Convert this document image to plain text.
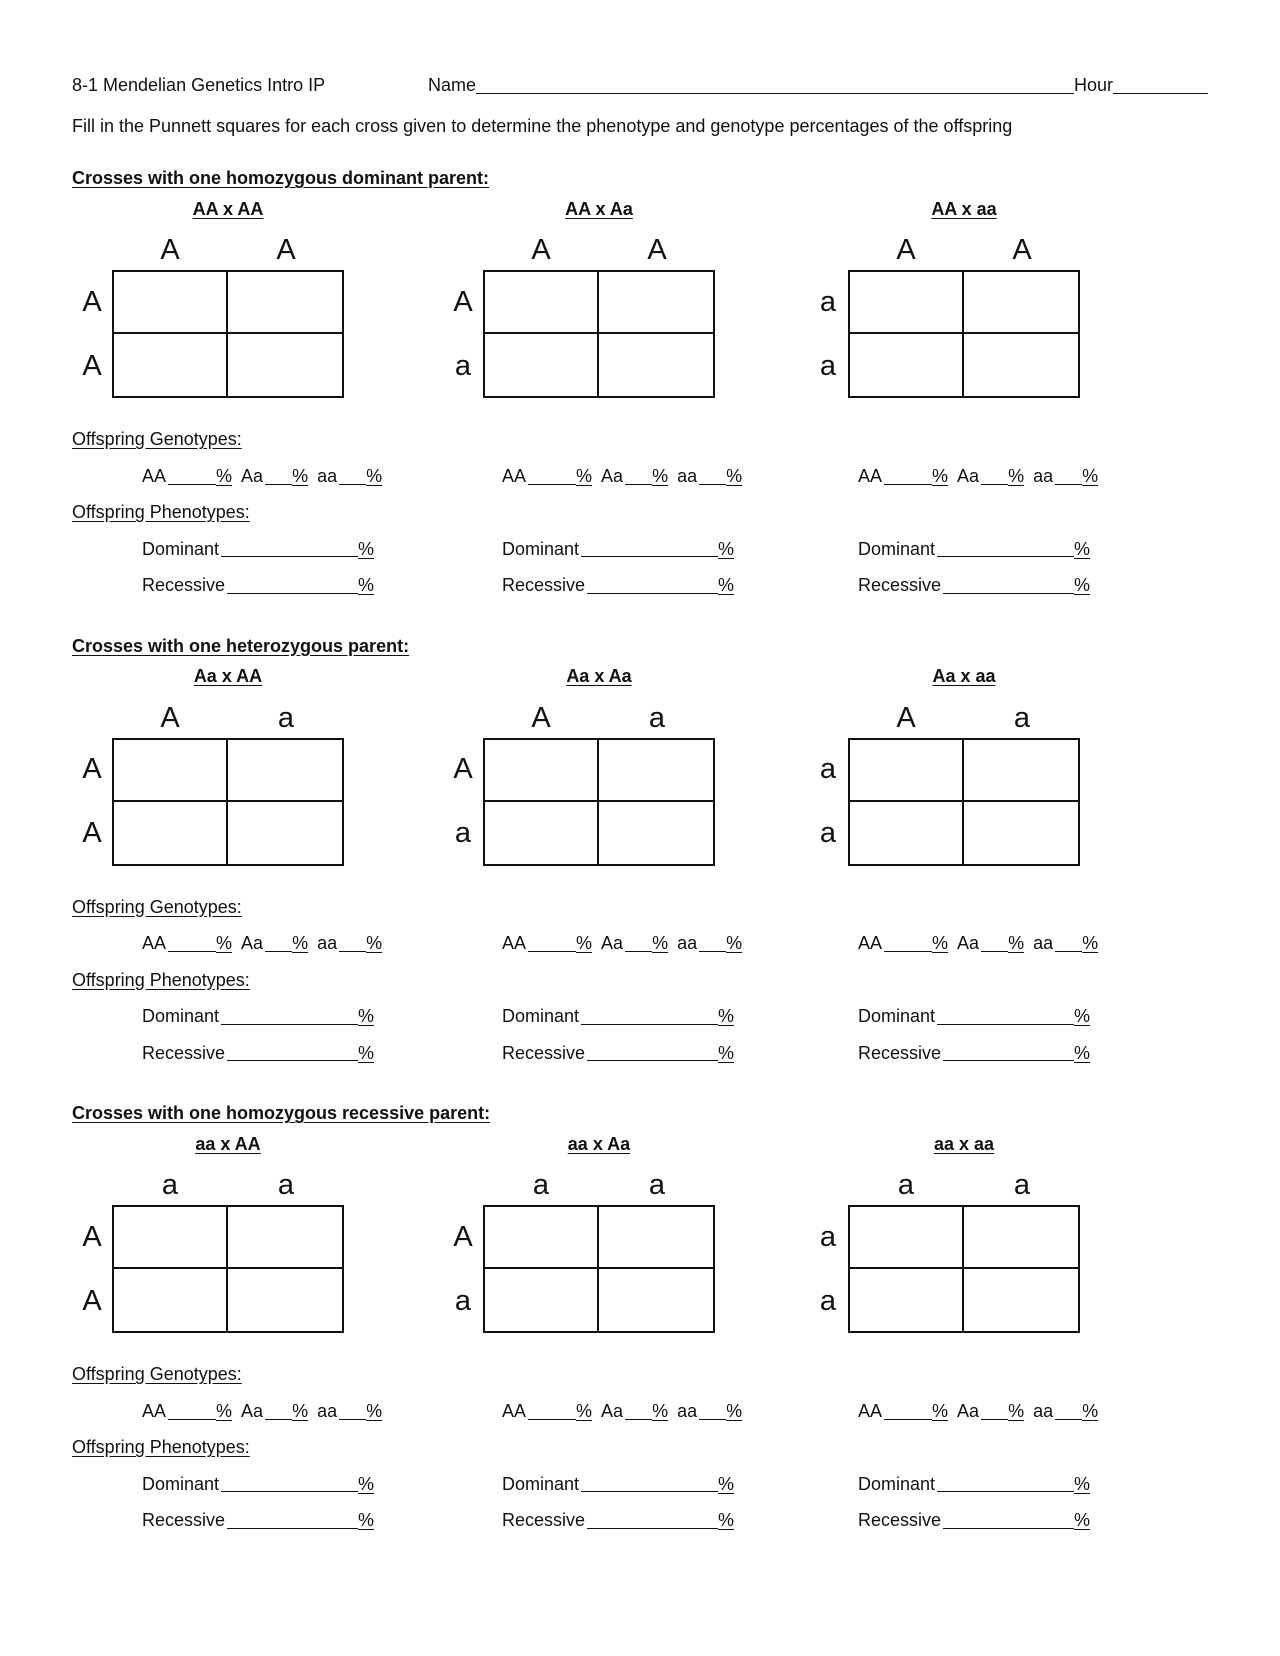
8-1 Mendelian Genetics Intro IP	Name	Hour

Fill in the Punnett squares for each cross given to determine the phenotype and genotype percentages of the offspring

Crosses with one homozygous dominant parent:
AA x AA
A	A
A
A
AA x Aa
A	A
A
a
AA x aa
A	A
a
a
Offspring Genotypes:
AA	% Aa % aa %	AA	% Aa % aa %	AA	% Aa % aa %
Offspring Phenotypes:
Dominant	%	Dominant	%	Dominant	%
Recessive	%	Recessive	%	Recessive	%
Crosses with one heterozygous parent:
Aa x AA
A	a
A
A
Aa x Aa
A	a
A
a
Aa x aa
A	a
a
a
Offspring Genotypes:
AA	% Aa % aa %	AA	% Aa % aa %	AA	% Aa % aa %
Offspring Phenotypes:
Dominant	%	Dominant	%	Dominant	%
Recessive	%	Recessive	%	Recessive	%
Crosses with one homozygous recessive parent:
aa x AA
a	a
A
A
aa x Aa
a	a
A
a
aa x aa
a	a
a
a
Offspring Genotypes:
AA	% Aa % aa %	AA	% Aa % aa %	AA	% Aa % aa %
Offspring Phenotypes:
Dominant	%	Dominant	%	Dominant	%
Recessive	%	Recessive	%	Recessive	%
